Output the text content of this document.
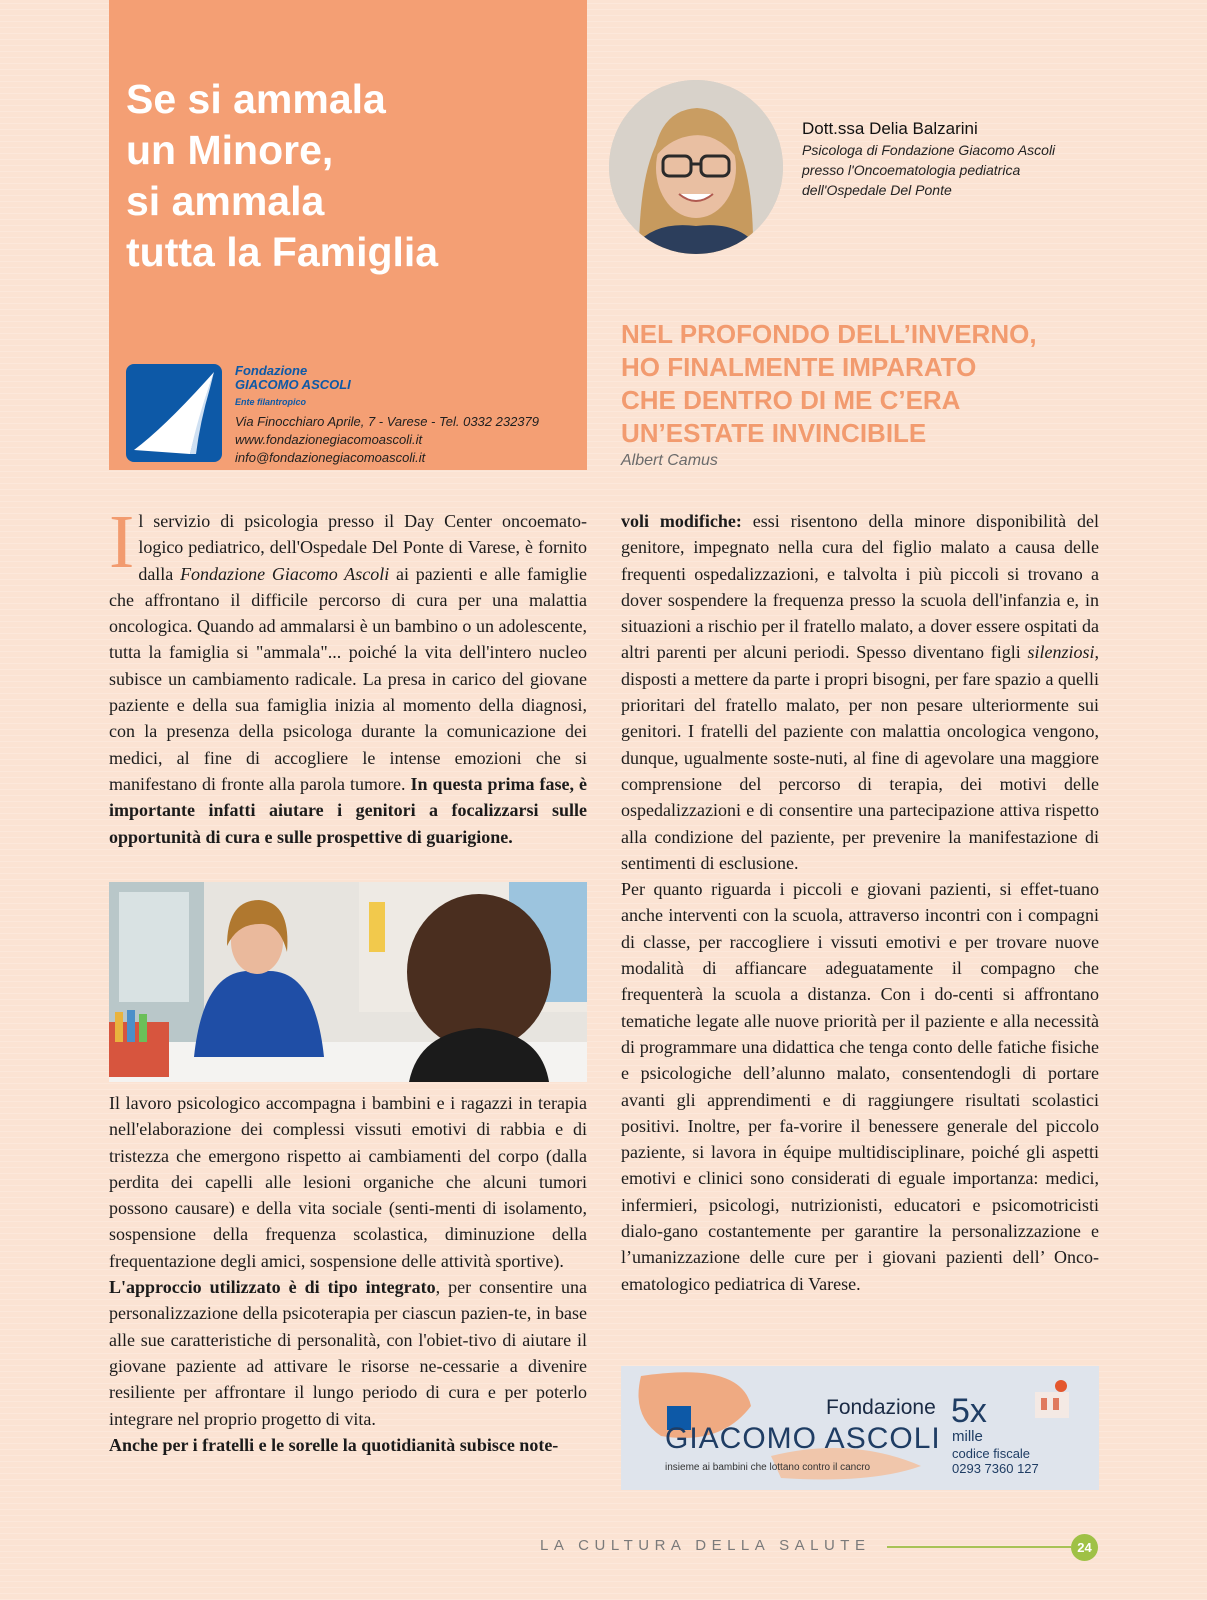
Se si ammala
un Minore,
si ammala
tutta la Famiglia
Fondazione
GIACOMO ASCOLI
Ente filantropico
Via Finocchiaro Aprile, 7 - Varese - Tel. 0332 232379
www.fondazionegiacomoascoli.it
info@fondazionegiacomoascoli.it
Dott.ssa Delia Balzarini
Psicologa di Fondazione Giacomo Ascoli
presso l'Oncoematologia pediatrica
dell'Ospedale Del Ponte
NEL PROFONDO DELL’INVERNO,
HO FINALMENTE IMPARATO
CHE DENTRO DI ME C’ERA
UN’ESTATE INVINCIBILE
Albert Camus

Il servizio di psicologia presso il Day Center oncoemato-logico pediatrico, dell'Ospedale Del Ponte di Varese, è fornito dalla Fondazione Giacomo Ascoli ai pazienti e alle famiglie che affrontano il difficile percorso di cura per una malattia oncologica. Quando ad ammalarsi è un bambino o un adolescente, tutta la famiglia si "ammala"... poiché la vita dell'intero nucleo subisce un cambiamento radicale. La presa in carico del giovane paziente e della sua famiglia inizia al momento della diagnosi, con la presenza della psicologa durante la comunicazione dei medici, al fine di accogliere le intense emozioni che si manifestano di fronte alla parola tumore. In questa prima fase, è importante infatti aiutare i genitori a focalizzarsi sulle opportunità di cura e sulle prospettive di guarigione.

Il lavoro psicologico accompagna i bambini e i ragazzi in terapia nell'elaborazione dei complessi vissuti emotivi di rabbia e di tristezza che emergono rispetto ai cambiamenti del corpo (dalla perdita dei capelli alle lesioni organiche che alcuni tumori possono causare) e della vita sociale (senti-menti di isolamento, sospensione della frequenza scolastica, diminuzione della frequentazione degli amici, sospensione delle attività sportive).

L'approccio utilizzato è di tipo integrato, per consentire una personalizzazione della psicoterapia per ciascun pazien-te, in base alle sue caratteristiche di personalità, con l'obiet-tivo di aiutare il giovane paziente ad attivare le risorse ne-cessarie a divenire resiliente per affrontare il lungo periodo di cura e per poterlo integrare nel proprio progetto di vita.

Anche per i fratelli e le sorelle la quotidianità subisce note-

voli modifiche: essi risentono della minore disponibilità del genitore, impegnato nella cura del figlio malato a causa delle frequenti ospedalizzazioni, e talvolta i più piccoli si trovano a dover sospendere la frequenza presso la scuola dell'infanzia e, in situazioni a rischio per il fratello malato, a dover essere ospitati da altri parenti per alcuni periodi. Spesso diventano figli silenziosi, disposti a mettere da parte i propri bisogni, per fare spazio a quelli prioritari del fratello malato, per non pesare ulteriormente sui genitori. I fratelli del paziente con malattia oncologica vengono, dunque, ugualmente soste-nuti, al fine di agevolare una maggiore comprensione del percorso di terapia, dei motivi delle ospedalizzazioni e di consentire una partecipazione attiva rispetto alla condizione del paziente, per prevenire la manifestazione di sentimenti di esclusione.

Per quanto riguarda i piccoli e giovani pazienti, si effet-tuano anche interventi con la scuola, attraverso incontri con i compagni di classe, per raccogliere i vissuti emotivi e per trovare nuove modalità di affiancare adeguatamente il compagno che frequenterà la scuola a distanza. Con i do-centi si affrontano tematiche legate alle nuove priorità per il paziente e alla necessità di programmare una didattica che tenga conto delle fatiche fisiche e psicologiche dell’alunno malato, consentendogli di portare avanti gli apprendimenti e di raggiungere risultati scolastici positivi. Inoltre, per fa-vorire il benessere generale del piccolo paziente, si lavora in équipe multidisciplinare, poiché gli aspetti emotivi e clinici sono considerati di eguale importanza: medici, infermieri, psicologi, nutrizionisti, educatori e psicomotricisti dialo-gano costantemente per garantire la personalizzazione e l’umanizzazione delle cure per i giovani pazienti dell’ Onco-ematologico pediatrica di Varese.

Fondazione
GIACOMO ASCOLI
insieme ai bambini che lottano contro il cancro
5x
mille
codice fiscale
0293 7360 127
LA CULTURA DELLA SALUTE	24
